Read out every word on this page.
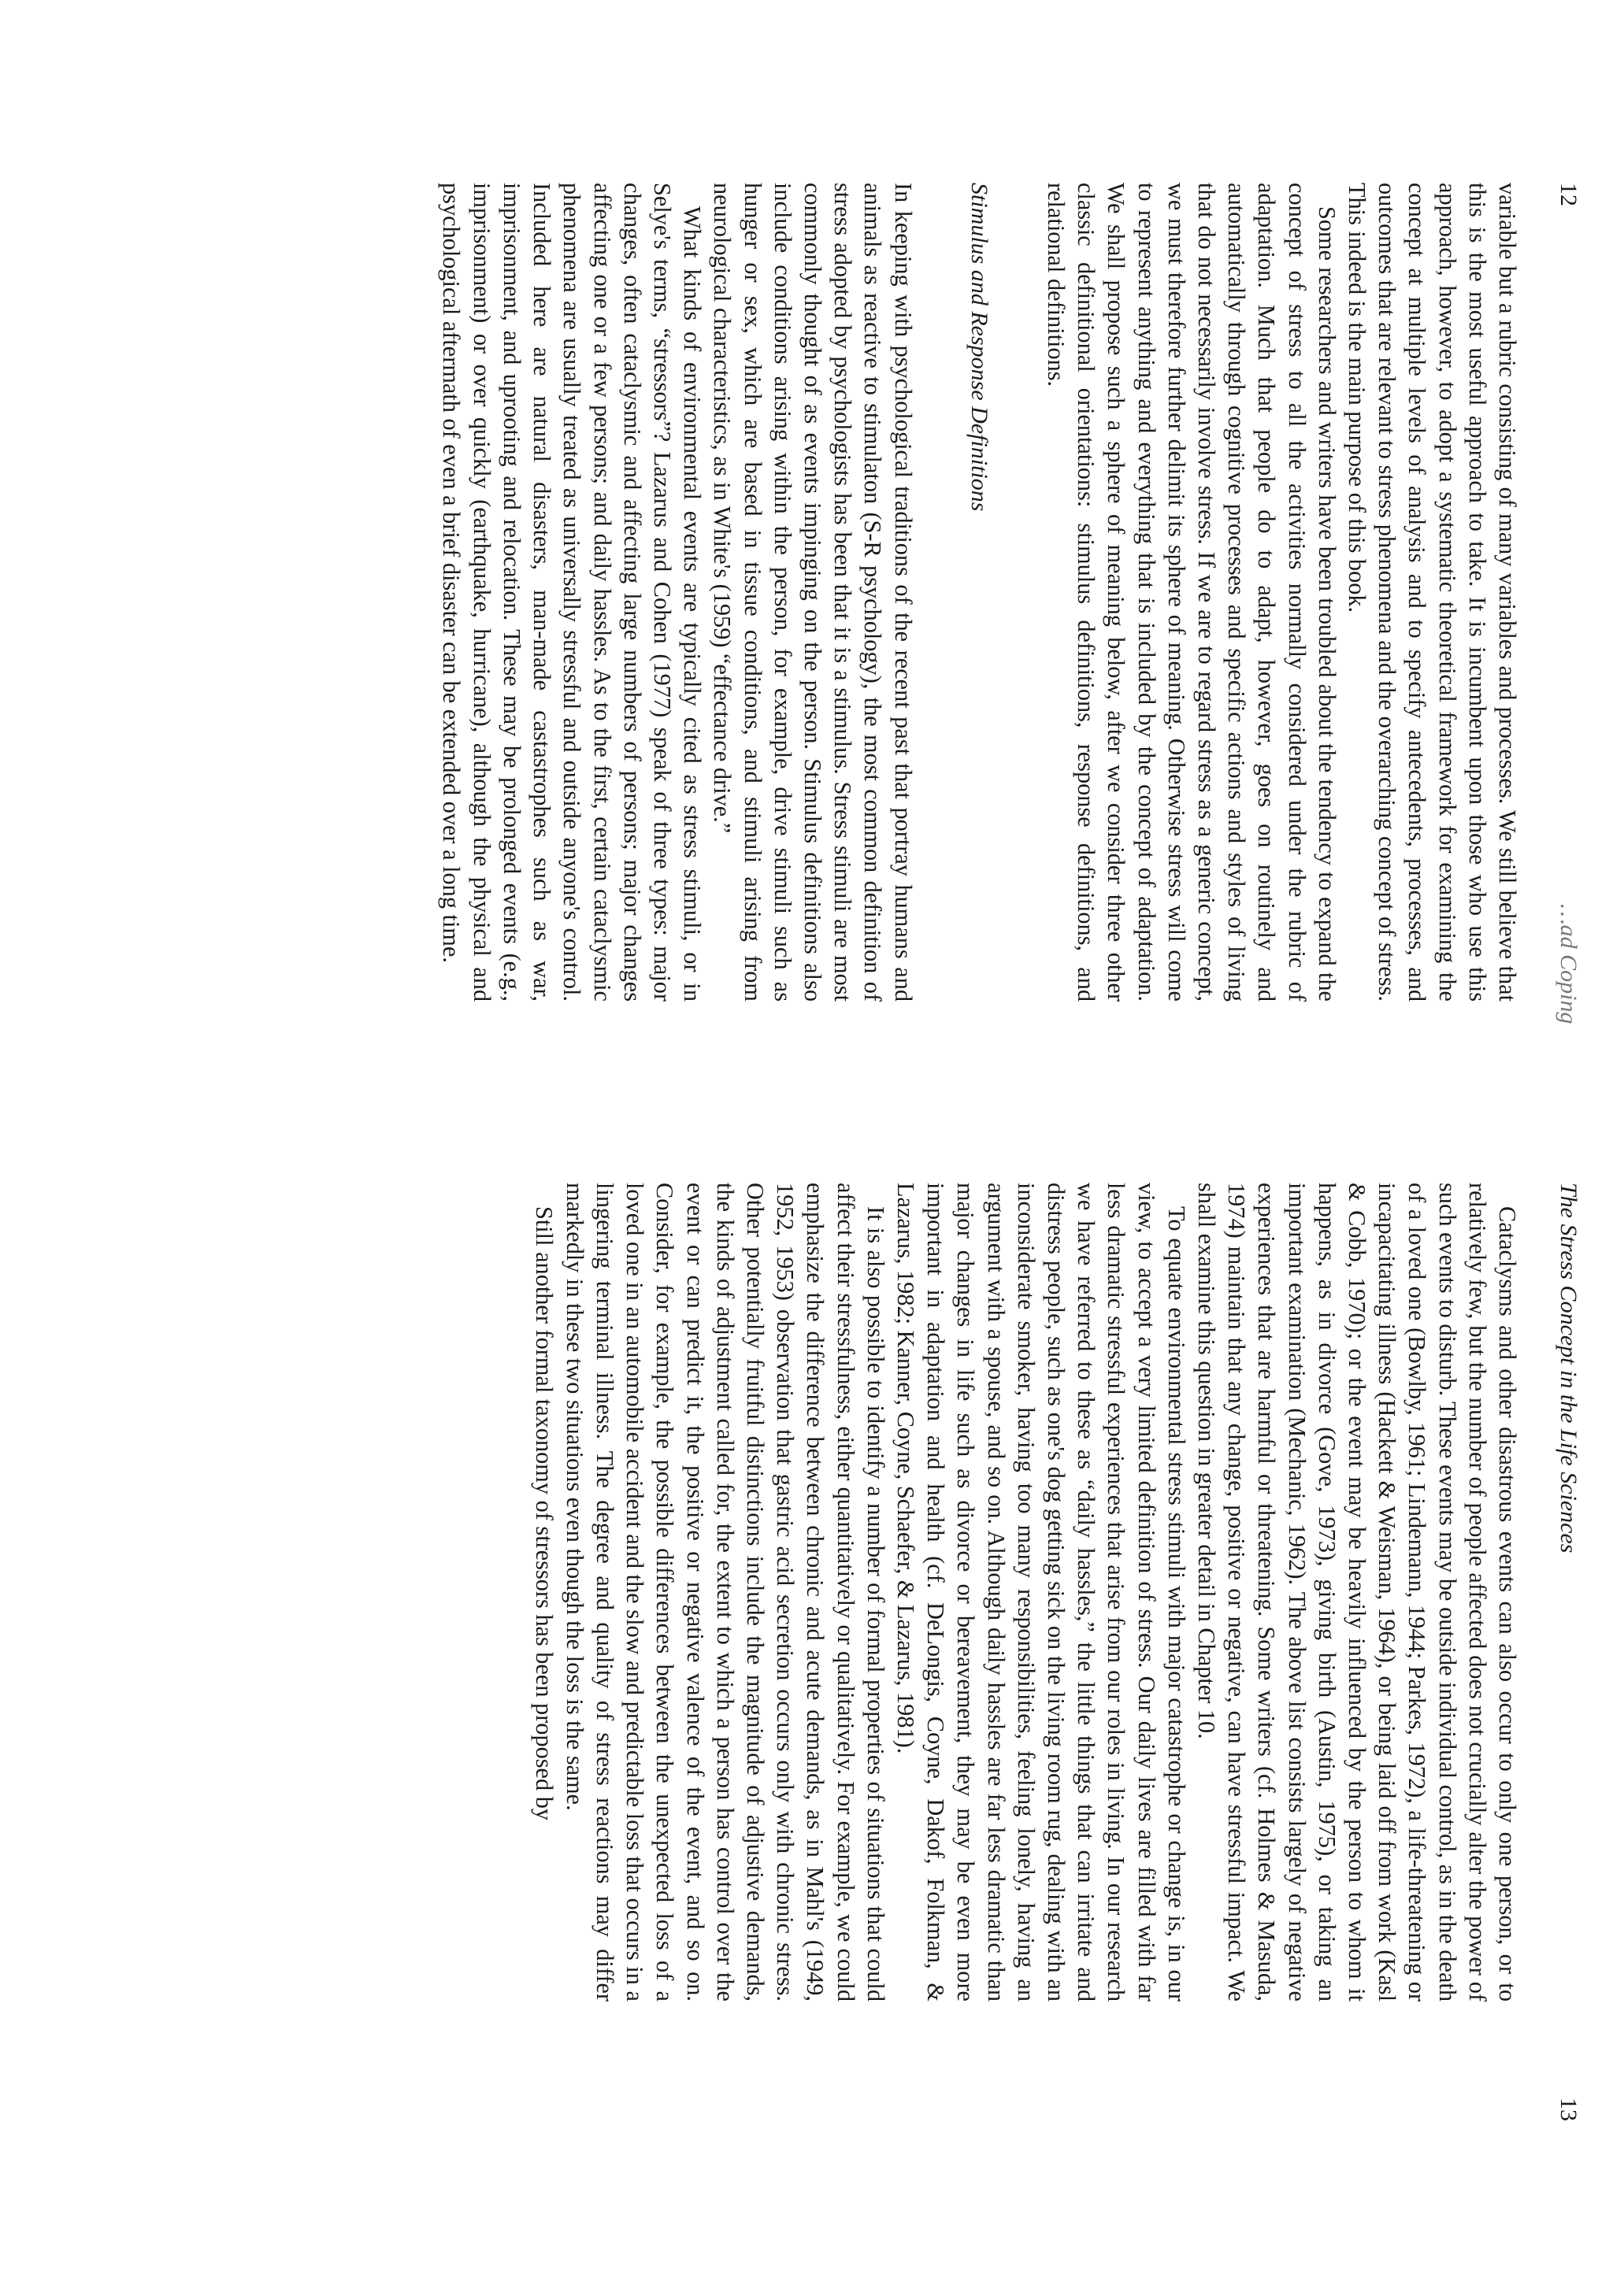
12
…ad Coping

variable but a rubric consisting of many variables and processes. We still believe that this is the most useful approach to take. It is incumbent upon those who use this approach, however, to adopt a systematic theoretical framework for examining the concept at multiple levels of analysis and to specify antecedents, processes, and outcomes that are relevant to stress phenomena and the overarching concept of stress. This indeed is the main purpose of this book.

Some researchers and writers have been troubled about the tendency to expand the concept of stress to all the activities normally considered under the rubric of adaptation. Much that people do to adapt, however, goes on routinely and automatically through cognitive processes and specific actions and styles of living that do not necessarily involve stress. If we are to regard stress as a generic concept, we must therefore further delimit its sphere of meaning. Otherwise stress will come to represent anything and everything that is included by the concept of adaptation. We shall propose such a sphere of meaning below, after we consider three other classic definitional orientations: stimulus definitions, response definitions, and relational definitions.

Stimulus and Response Definitions

In keeping with psychological traditions of the recent past that portray humans and animals as reactive to stimulaton (S-R psychology), the most common definition of stress adopted by psychologists has been that it is a stimulus. Stress stimuli are most commonly thought of as events impinging on the person. Stimulus definitions also include conditions arising within the person, for example, drive stimuli such as hunger or sex, which are based in tissue conditions, and stimuli arising from neurological characteristics, as in White's (1959) “effectance drive.”

What kinds of environmental events are typically cited as stress stimuli, or in Selye's terms, “stressors”? Lazarus and Cohen (1977) speak of three types: major changes, often cataclysmic and affecting large numbers of persons; major changes affecting one or a few persons; and daily hassles. As to the first, certain cataclysmic phenomena are usually treated as universally stressful and outside anyone's control. Included here are natural disasters, man-made castastrophes such as war, imprisonment, and uprooting and relocation. These may be prolonged events (e.g., imprisonment) or over quickly (earthquake, hurricane), although the physical and psychological aftermath of even a brief disaster can be extended over a long time.

The Stress Concept in the Life Sciences
13

Cataclysms and other disastrous events can also occur to only one person, or to relatively few, but the number of people affected does not crucially alter the power of such events to disturb. These events may be outside individual control, as in the death of a loved one (Bowlby, 1961; Lindemann, 1944; Parkes, 1972), a life-threatening or incapacitating illness (Hackett & Weisman, 1964), or being laid off from work (Kasl & Cobb, 1970); or the event may be heavily influenced by the person to whom it happens, as in divorce (Gove, 1973), giving birth (Austin, 1975), or taking an important examination (Mechanic, 1962). The above list consists largely of negative experiences that are harmful or threatening. Some writers (cf. Holmes & Masuda, 1974) maintain that any change, positive or negative, can have stressful impact. We shall examine this question in greater detail in Chapter 10.

To equate environmental stress stimuli with major catastrophe or change is, in our view, to accept a very limited definition of stress. Our daily lives are filled with far less dramatic stressful experiences that arise from our roles in living. In our research we have referred to these as “daily hassles,” the little things that can irritate and distress people, such as one's dog getting sick on the living room rug, dealing with an inconsiderate smoker, having too many responsibilities, feeling lonely, having an argument with a spouse, and so on. Although daily hassles are far less dramatic than major changes in life such as divorce or bereavement, they may be even more important in adaptation and health (cf. DeLongis, Coyne, Dakof, Folkman, & Lazarus, 1982; Kanner, Coyne, Schaefer, & Lazarus, 1981).

It is also possible to identify a number of formal properties of situations that could affect their stressfulness, either quantitatively or qualitatively. For example, we could emphasize the difference between chronic and acute demands, as in Mahl's (1949, 1952, 1953) observation that gastric acid secretion occurs only with chronic stress. Other potentially fruitful distinctions include the magnitude of adjustive demands, the kinds of adjustment called for, the extent to which a person has control over the event or can predict it, the positive or negative valence of the event, and so on. Consider, for example, the possible differences between the unexpected loss of a loved one in an automobile accident and the slow and predictable loss that occurs in a lingering terminal illness. The degree and quality of stress reactions may differ markedly in these two situations even though the loss is the same.

Still another formal taxonomy of stressors has been proposed by
